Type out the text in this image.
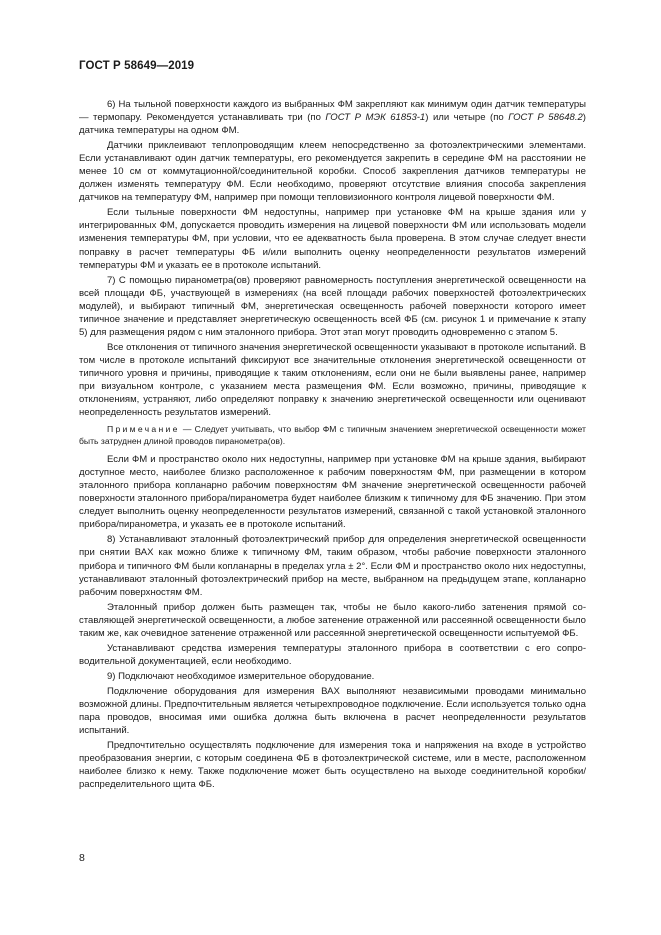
ГОСТ Р 58649—2019

6) На тыльной поверхности каждого из выбранных ФМ закрепляют как минимум один датчик температуры — термопару. Рекомендуется устанавливать три (по ГОСТ Р МЭК 61853-1) или четыре (по ГОСТ Р 58648.2) датчика температуры на одном ФМ.

Датчики приклеивают теплопроводящим клеем непосредственно за фотоэлектрическими элементами. Если устанавливают один датчик температуры, его рекомендуется закрепить в середине ФМ на расстоянии не менее 10 см от коммутационной/соединительной коробки. Способ закрепления датчиков температуры не должен изменять температуру ФМ. Если необходимо, проверяют отсутствие влияния способа закрепления датчиков на температуру ФМ, например при помощи тепловизионного контроля лицевой поверхности ФМ.

Если тыльные поверхности ФМ недоступны, например при установке ФМ на крыше здания или у интегрированных ФМ, допускается проводить измерения на лицевой поверхности ФМ или использовать модели изменения температуры ФМ, при условии, что ее адекватность была проверена. В этом случае следует внести поправку в расчет температуры ФБ и/или выполнить оценку неопределенности результатов измерений температуры ФМ и указать ее в протоколе испытаний.

7) С помощью пиранометра(ов) проверяют равномерность поступления энергетической освещенности на всей площади ФБ, участвующей в измерениях (на всей площади рабочих поверхностей фотоэлектрических модулей), и выбирают типичный ФМ, энергетическая освещенность рабочей поверхности которого имеет типичное значение и представляет энергетическую освещенность всей ФБ (см. рисунок 1 и примечание к этапу 5) для размещения рядом с ним эталонного прибора. Этот этап могут проводить одновременно с этапом 5.

Все отклонения от типичного значения энергетической освещенности указывают в протоколе испытаний. В том числе в протоколе испытаний фиксируют все значительные отклонения энергетической освещенности от типичного уровня и причины, приводящие к таким отклонениям, если они не были выявлены ранее, например при визуальном контроле, с указанием места размещения ФМ. Если возможно, причины, приводящие к отклонениям, устраняют, либо определяют поправку к значению энергетической освещенности или оценивают неопределенность результатов измерений.

Примечание — Следует учитывать, что выбор ФМ с типичным значением энергетической освещенности может быть затруднен длиной проводов пиранометра(ов).

Если ФМ и пространство около них недоступны, например при установке ФМ на крыше здания, выбирают доступное место, наиболее близко расположенное к рабочим поверхностям ФМ, при размещении в котором эталонного прибора копланарно рабочим поверхностям ФМ значение энергетической освещенности рабочей поверхности эталонного прибора/пиранометра будет наиболее близким к типичному для ФБ значению. При этом следует выполнить оценку неопределенности результатов измерений, связанной с такой установкой эталонного прибора/пиранометра, и указать ее в протоколе испытаний.

8) Устанавливают эталонный фотоэлектрический прибор для определения энергетической освещенности при снятии ВАХ как можно ближе к типичному ФМ, таким образом, чтобы рабочие поверхности эталонного прибора и типичного ФМ были копланарны в пределах угла ± 2°. Если ФМ и пространство около них недоступны, устанавливают эталонный фотоэлектрический прибор на месте, выбранном на предыдущем этапе, копланарно рабочим поверхностям ФМ.

Эталонный прибор должен быть размещен так, чтобы не было какого-либо затенения прямой составляющей энергетической освещенности, а любое затенение отраженной или рассеянной освещенности было таким же, как очевидное затенение отраженной или рассеянной энергетической освещенности испытуемой ФБ.

Устанавливают средства измерения температуры эталонного прибора в соответствии с его сопроводительной документацией, если необходимо.

9) Подключают необходимое измерительное оборудование.

Подключение оборудования для измерения ВАХ выполняют независимыми проводами минимально возможной длины. Предпочтительным является четырехпроводное подключение. Если используется только одна пара проводов, вносимая ими ошибка должна быть включена в расчет неопределенности результатов испытаний.

Предпочтительно осуществлять подключение для измерения тока и напряжения на входе в устройство преобразования энергии, с которым соединена ФБ в фотоэлектрической системе, или в месте, расположенном наиболее близко к нему. Также подключение может быть осуществлено на выходе соединительной коробки/распределительного щита ФБ.

8
